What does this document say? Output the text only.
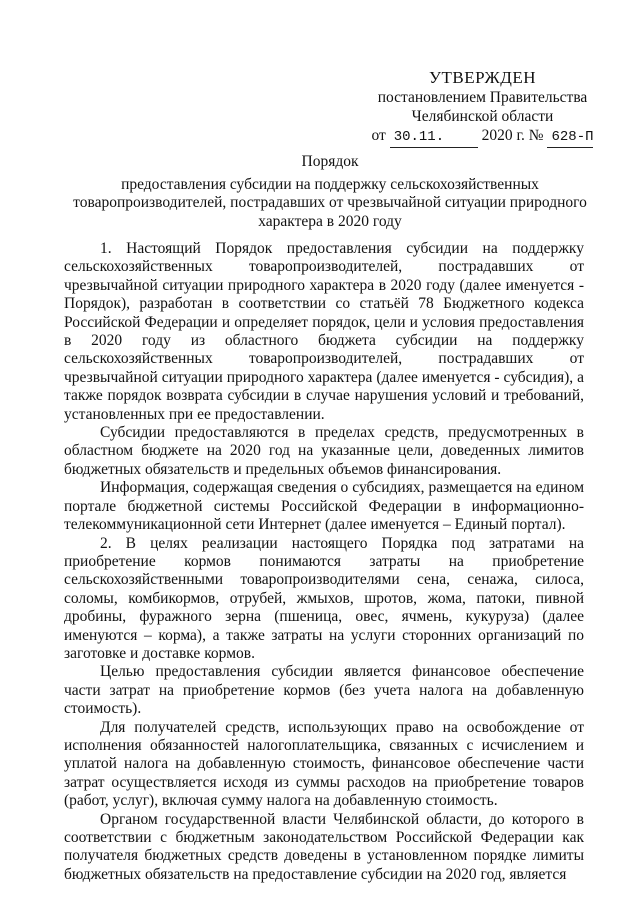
УТВЕРЖДЕН
постановлением Правительства
Челябинской области
от 30.11. 2020 г. № 628-П
Порядок
предоставления субсидии на поддержку сельскохозяйственных товаропроизводителей, пострадавших от чрезвычайной ситуации природного характера в 2020 году

1. Настоящий Порядок предоставления субсидии на поддержку сельскохозяйственных товаропроизводителей, пострадавших от чрезвычайной ситуации природного характера в 2020 году (далее именуется - Порядок), разработан в соответствии со статьёй 78 Бюджетного кодекса Российской Федерации и определяет порядок, цели и условия предоставления в 2020 году из областного бюджета субсидии на поддержку сельскохозяйственных товаропроизводителей, пострадавших от чрезвычайной ситуации природного характера (далее именуется - субсидия), а также порядок возврата субсидии в случае нарушения условий и требований, установленных при ее предоставлении.

Субсидии предоставляются в пределах средств, предусмотренных в областном бюджете на 2020 год на указанные цели, доведенных лимитов бюджетных обязательств и предельных объемов финансирования.

Информация, содержащая сведения о субсидиях, размещается на едином портале бюджетной системы Российской Федерации в информационно-телекоммуникационной сети Интернет (далее именуется – Единый портал).

2. В целях реализации настоящего Порядка под затратами на приобретение кормов понимаются затраты на приобретение сельскохозяйственными товаропроизводителями сена, сенажа, силоса, соломы, комбикормов, отрубей, жмыхов, шротов, жома, патоки, пивной дробины, фуражного зерна (пшеница, овес, ячмень, кукуруза) (далее именуются – корма), а также затраты на услуги сторонних организаций по заготовке и доставке кормов.

Целью предоставления субсидии является финансовое обеспечение части затрат на приобретение кормов (без учета налога на добавленную стоимость).

Для получателей средств, использующих право на освобождение от исполнения обязанностей налогоплательщика, связанных с исчислением и уплатой налога на добавленную стоимость, финансовое обеспечение части затрат осуществляется исходя из суммы расходов на приобретение товаров (работ, услуг), включая сумму налога на добавленную стоимость.

Органом государственной власти Челябинской области, до которого в соответствии с бюджетным законодательством Российской Федерации как получателя бюджетных средств доведены в установленном порядке лимиты бюджетных обязательств на предоставление субсидии на 2020 год, является
